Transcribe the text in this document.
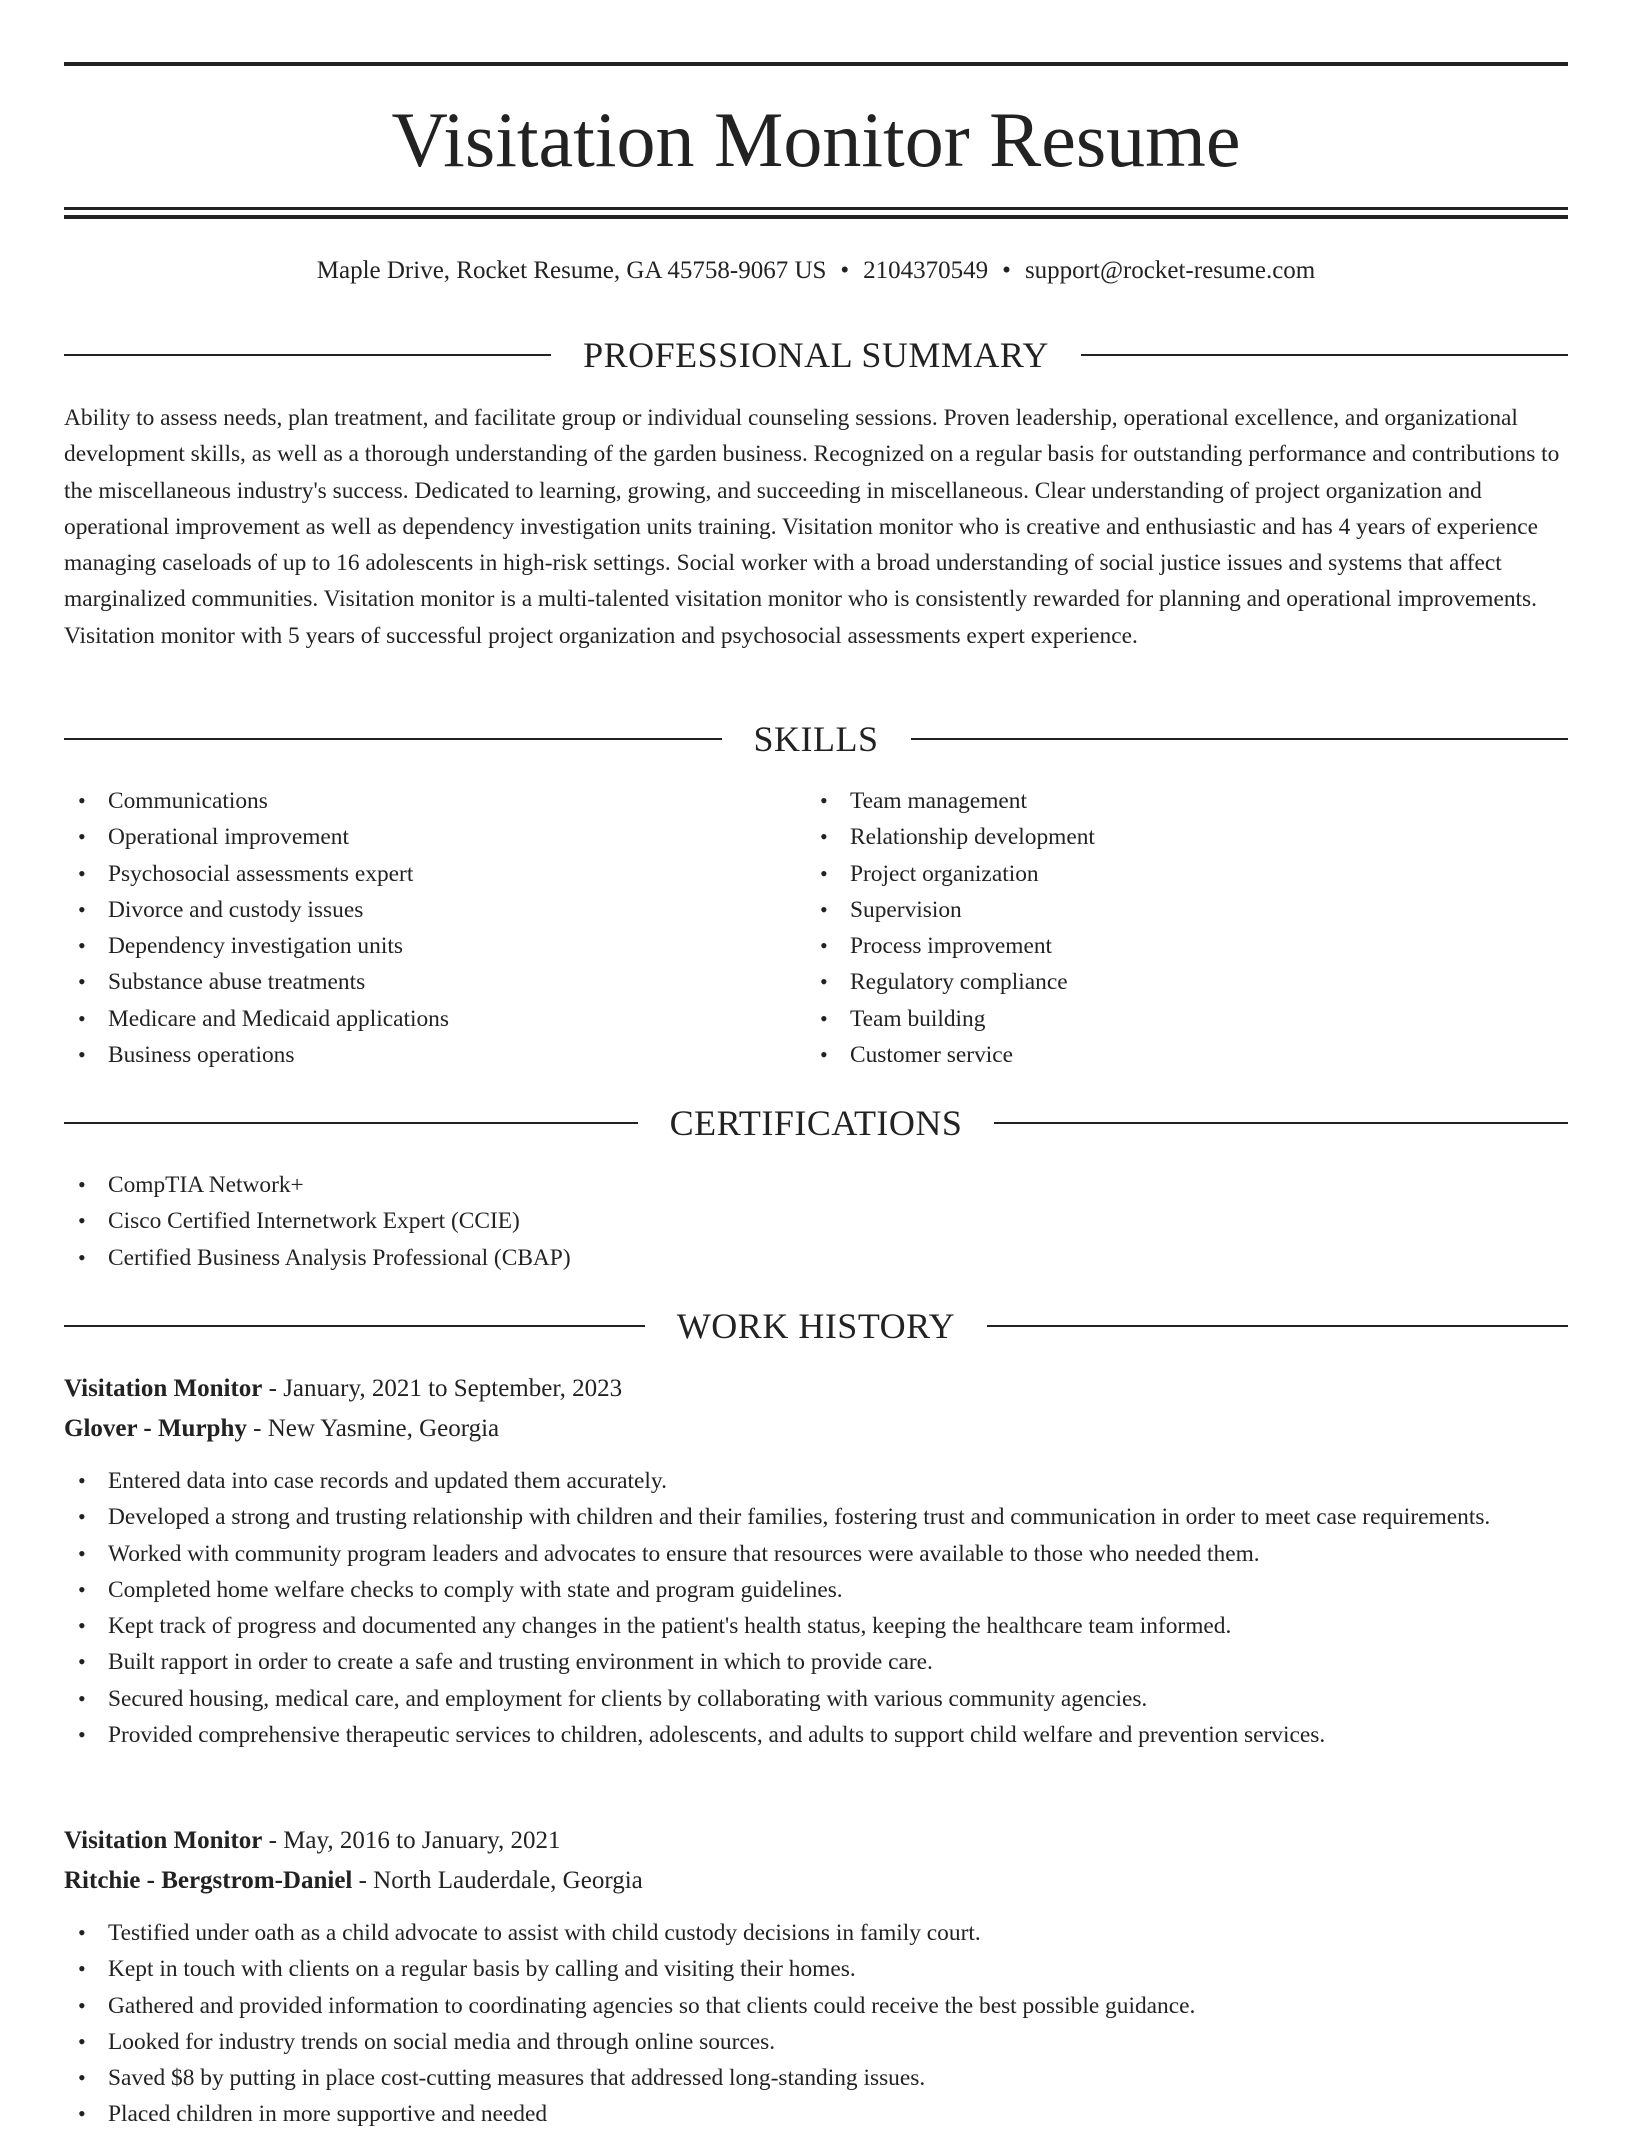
Visitation Monitor Resume
Maple Drive, Rocket Resume, GA 45758-9067 US • 2104370549 • support@rocket-resume.com
PROFESSIONAL SUMMARY

Ability to assess needs, plan treatment, and facilitate group or individual counseling sessions. Proven leadership, operational excellence, and organizational development skills, as well as a thorough understanding of the garden business. Recognized on a regular basis for outstanding performance and contributions to the miscellaneous industry's success. Dedicated to learning, growing, and succeeding in miscellaneous. Clear understanding of project organization and operational improvement as well as dependency investigation units training. Visitation monitor who is creative and enthusiastic and has 4 years of experience managing caseloads of up to 16 adolescents in high-risk settings. Social worker with a broad understanding of social justice issues and systems that affect marginalized communities. Visitation monitor is a multi-talented visitation monitor who is consistently rewarded for planning and operational improvements. Visitation monitor with 5 years of successful project organization and psychosocial assessments expert experience.

SKILLS
• Communications
• Operational improvement
• Psychosocial assessments expert
• Divorce and custody issues
• Dependency investigation units
• Substance abuse treatments
• Medicare and Medicaid applications
• Business operations
• Team management
• Relationship development
• Project organization
• Supervision
• Process improvement
• Regulatory compliance
• Team building
• Customer service
CERTIFICATIONS
• CompTIA Network+
• Cisco Certified Internetwork Expert (CCIE)
• Certified Business Analysis Professional (CBAP)
WORK HISTORY
Visitation Monitor - January, 2021 to September, 2023
Glover - Murphy - New Yasmine, Georgia
• Entered data into case records and updated them accurately.
• Developed a strong and trusting relationship with children and their families, fostering trust and communication in order to meet case requirements.
• Worked with community program leaders and advocates to ensure that resources were available to those who needed them.
• Completed home welfare checks to comply with state and program guidelines.
• Kept track of progress and documented any changes in the patient's health status, keeping the healthcare team informed.
• Built rapport in order to create a safe and trusting environment in which to provide care.
• Secured housing, medical care, and employment for clients by collaborating with various community agencies.
• Provided comprehensive therapeutic services to children, adolescents, and adults to support child welfare and prevention services.
Visitation Monitor - May, 2016 to January, 2021
Ritchie - Bergstrom-Daniel - North Lauderdale, Georgia
• Testified under oath as a child advocate to assist with child custody decisions in family court.
• Kept in touch with clients on a regular basis by calling and visiting their homes.
• Gathered and provided information to coordinating agencies so that clients could receive the best possible guidance.
• Looked for industry trends on social media and through online sources.
• Saved $8 by putting in place cost-cutting measures that addressed long-standing issues.
• Placed children in more supportive and needed
